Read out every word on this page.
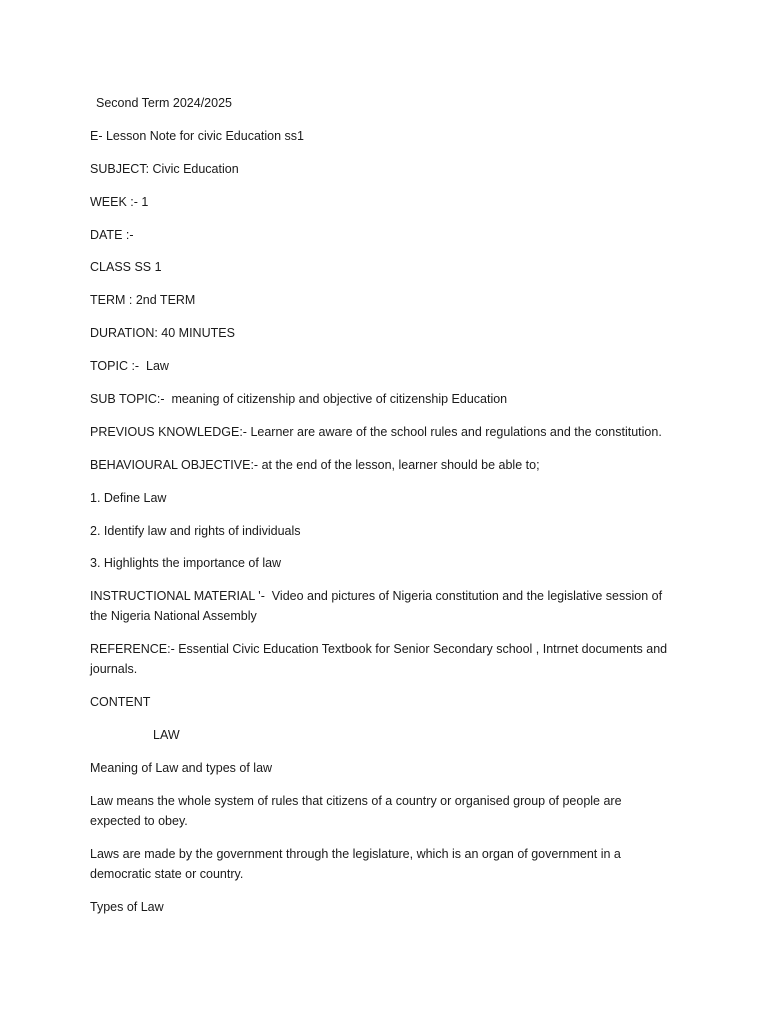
Second Term 2024/2025
E- Lesson Note for civic Education ss1
SUBJECT: Civic Education
WEEK :- 1
DATE :-
CLASS SS 1
TERM : 2nd TERM
DURATION: 40 MINUTES
TOPIC :-  Law
SUB TOPIC:-  meaning of citizenship and objective of citizenship Education
PREVIOUS KNOWLEDGE:- Learner are aware of the school rules and regulations and the constitution.
BEHAVIOURAL OBJECTIVE:- at the end of the lesson, learner should be able to;
1. Define Law
2. Identify law and rights of individuals
3. Highlights the importance of law
INSTRUCTIONAL MATERIAL '-  Video and pictures of Nigeria constitution and the legislative session of the Nigeria National Assembly
REFERENCE:- Essential Civic Education Textbook for Senior Secondary school , Intrnet documents and journals.
CONTENT
LAW
Meaning of Law and types of law
Law means the whole system of rules that citizens of a country or organised group of people are expected to obey.
Laws are made by the government through the legislature, which is an organ of government in a democratic state or country.
Types of Law
